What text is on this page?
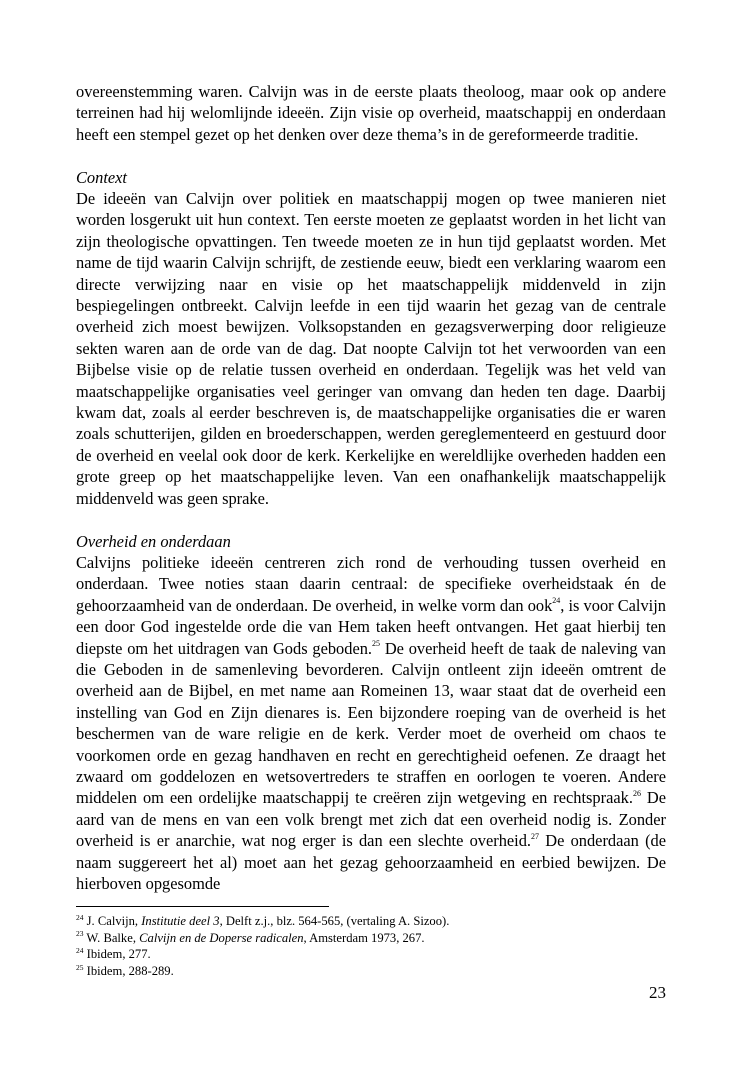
overeenstemming waren. Calvijn was in de eerste plaats theoloog, maar ook op andere terreinen had hij welomlijnde ideeën. Zijn visie op overheid, maatschappij en onderdaan heeft een stempel gezet op het denken over deze thema’s in de gereformeerde traditie.

Context

De ideeën van Calvijn over politiek en maatschappij mogen op twee manieren niet worden losgerukt uit hun context. Ten eerste moeten ze geplaatst worden in het licht van zijn theologische opvattingen. Ten tweede moeten ze in hun tijd geplaatst worden. Met name de tijd waarin Calvijn schrijft, de zestiende eeuw, biedt een verklaring waarom een directe verwijzing naar en visie op het maatschappelijk middenveld in zijn bespiegelingen ontbreekt. Calvijn leefde in een tijd waarin het gezag van de centrale overheid zich moest bewijzen. Volksopstanden en gezagsverwerping door religieuze sekten waren aan de orde van de dag. Dat noopte Calvijn tot het verwoorden van een Bijbelse visie op de relatie tussen overheid en onderdaan. Tegelijk was het veld van maatschappelijke organisaties veel geringer van omvang dan heden ten dage. Daarbij kwam dat, zoals al eerder beschreven is, de maatschappelijke organisaties die er waren zoals schutterijen, gilden en broederschappen, werden gereglementeerd en gestuurd door de overheid en veelal ook door de kerk. Kerkelijke en wereldlijke overheden hadden een grote greep op het maatschappelijke leven. Van een onafhankelijk maatschappelijk middenveld was geen sprake.

Overheid en onderdaan

Calvijns politieke ideeën centreren zich rond de verhouding tussen overheid en onderdaan. Twee noties staan daarin centraal: de specifieke overheidstaak én de gehoorzaamheid van de onderdaan. De overheid, in welke vorm dan ook$^{24}$, is voor Calvijn een door God ingestelde orde die van Hem taken heeft ontvangen. Het gaat hierbij ten diepste om het uitdragen van Gods geboden.$^{25}$ De overheid heeft de taak de naleving van die Geboden in de samenleving bevorderen. Calvijn ontleent zijn ideeën omtrent de overheid aan de Bijbel, en met name aan Romeinen 13, waar staat dat de overheid een instelling van God en Zijn dienares is. Een bijzondere roeping van de overheid is het beschermen van de ware religie en de kerk. Verder moet de overheid om chaos te voorkomen orde en gezag handhaven en recht en gerechtigheid oefenen. Ze draagt het zwaard om goddelozen en wetsovertreders te straffen en oorlogen te voeren. Andere middelen om een ordelijke maatschappij te creëren zijn wetgeving en rechtspraak.$^{26}$ De aard van de mens en van een volk brengt met zich dat een overheid nodig is. Zonder overheid is er anarchie, wat nog erger is dan een slechte overheid.$^{27}$ De onderdaan (de naam suggereert het al) moet aan het gezag gehoorzaamheid en eerbied bewijzen. De hierboven opgesomde

$^{24}$ J. Calvijn, Institutie deel 3, Delft z.j., blz. 564-565, (vertaling A. Sizoo).

$^{23}$ W. Balke, Calvijn en de Doperse radicalen, Amsterdam 1973, 267.

$^{24}$ Ibidem, 277.

$^{25}$ Ibidem, 288-289.

23
